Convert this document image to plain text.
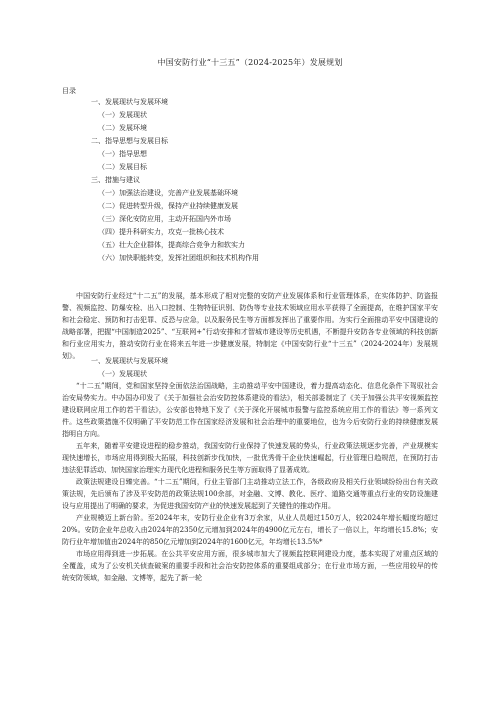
中国安防行业“十三五”（2024-2025年）发展规划
目录
一、发展现状与发展环境
（一）发展现状
（二）发展环境
二、指导思想与发展目标
（一）指导思想
（二）发展目标
三、措施与建议
（一）加强法治建设，完善产业发展基础环境
（二）促进转型升级，保持产业持续健康发展
（三）深化安防应用，主动开拓国内外市场
（四）提升科研实力，攻克一批核心技术
（五）壮大企业群体，提高综合竞争力和软实力
（六）加快职能转变，发挥社团组织和技术机构作用

中国安防行业经过“十二五”的发展，基本形成了相对完整的安防产业发展体系和行业管理体系，在实体防护、防盗报警、视频监控、防爆安检、出入口控制、生物特征识别、防伪等专业技术领域应用水平获得了全面提高，在维护国家平安和社会稳定、预防和打击犯罪、反恐与应急，以及服务民生等方面都发挥出了重要作用。为实行全面推动平安中国建设的战略部署，把握“中国制造2025”、“互联网+”行动安排和才智城市建设等历史机遇，不断提升安防各专业领域的科技创新和行业应用实力，推动安防行业在将来五年进一步健康发展，特制定《中国安防行业“十三五”（2024-2024年）发展规划》。

一、发展现状与发展环境
（一）发展现状

“十二五”期间，党和国家坚持全面依法治国战略，主动推动平安中国建设，着力提高动态化、信息化条件下驾驭社会治安局势实力。中办国办印发了《关于加强社会治安防控体系建设的看法》，相关部委制定了《关于加强公共平安视频监控建设联网应用工作的若干看法》，公安部也特地下发了《关于深化开展城市报警与监控系统应用工作的看法》等一系列文件。这些政策措施不仅明确了平安防范工作在国家经济发展和社会治理中的重要地位，也为今后安防行业的持续健康发展指明自方向。

五年来，随着平安建设进程的稳步推动，我国安防行业保持了快速发展的势头，行业政策法规逐步完善，产业规模实现快速增长，市场应用得到极大拓展，科技创新步伐加快，一批优秀骨干企业快速崛起，行业管理日趋规范，在预防打击违法犯罪活动、加快国家治理实力现代化进程和服务民生等方面取得了显著成效。

政策法规建设日臻完善。“十二五”期间，行业主管部门主动推动立法工作，各级政府及相关行业领域纷纷出台有关政策法规，先后颁布了涉及平安防范的政策法规100余部，对金融、文博、教化、医疗、道路交通等重点行业的安防设施建设与应用提出了明确的要求，为促进我国安防产业的快速发展起到了关键性的推动作用。

产业规模迈上新台阶。至2024年末，安防行业企业有3万余家，从业人员超过150万人，较2024年增长幅度均超过20%。安防企业年总收入由2024年的2350亿元增加到2024年的4900亿元左右，增长了一倍以上，年均增长15.8%；安防行业年增加值由2024年的850亿元增加到2024年的1600亿元，年均增长13.5%*

市场应用得到进一步拓展。在公共平安应用方面，很多城市加大了视频监控联网建设力度，基本实现了对重点区域的全覆盖，成为了公安机关侦查破案的重要手段和社会治安防控体系的重要组成部分；在行业市场方面，一些应用较早的传统安防领域，如金融、文博等，起先了新一轮
